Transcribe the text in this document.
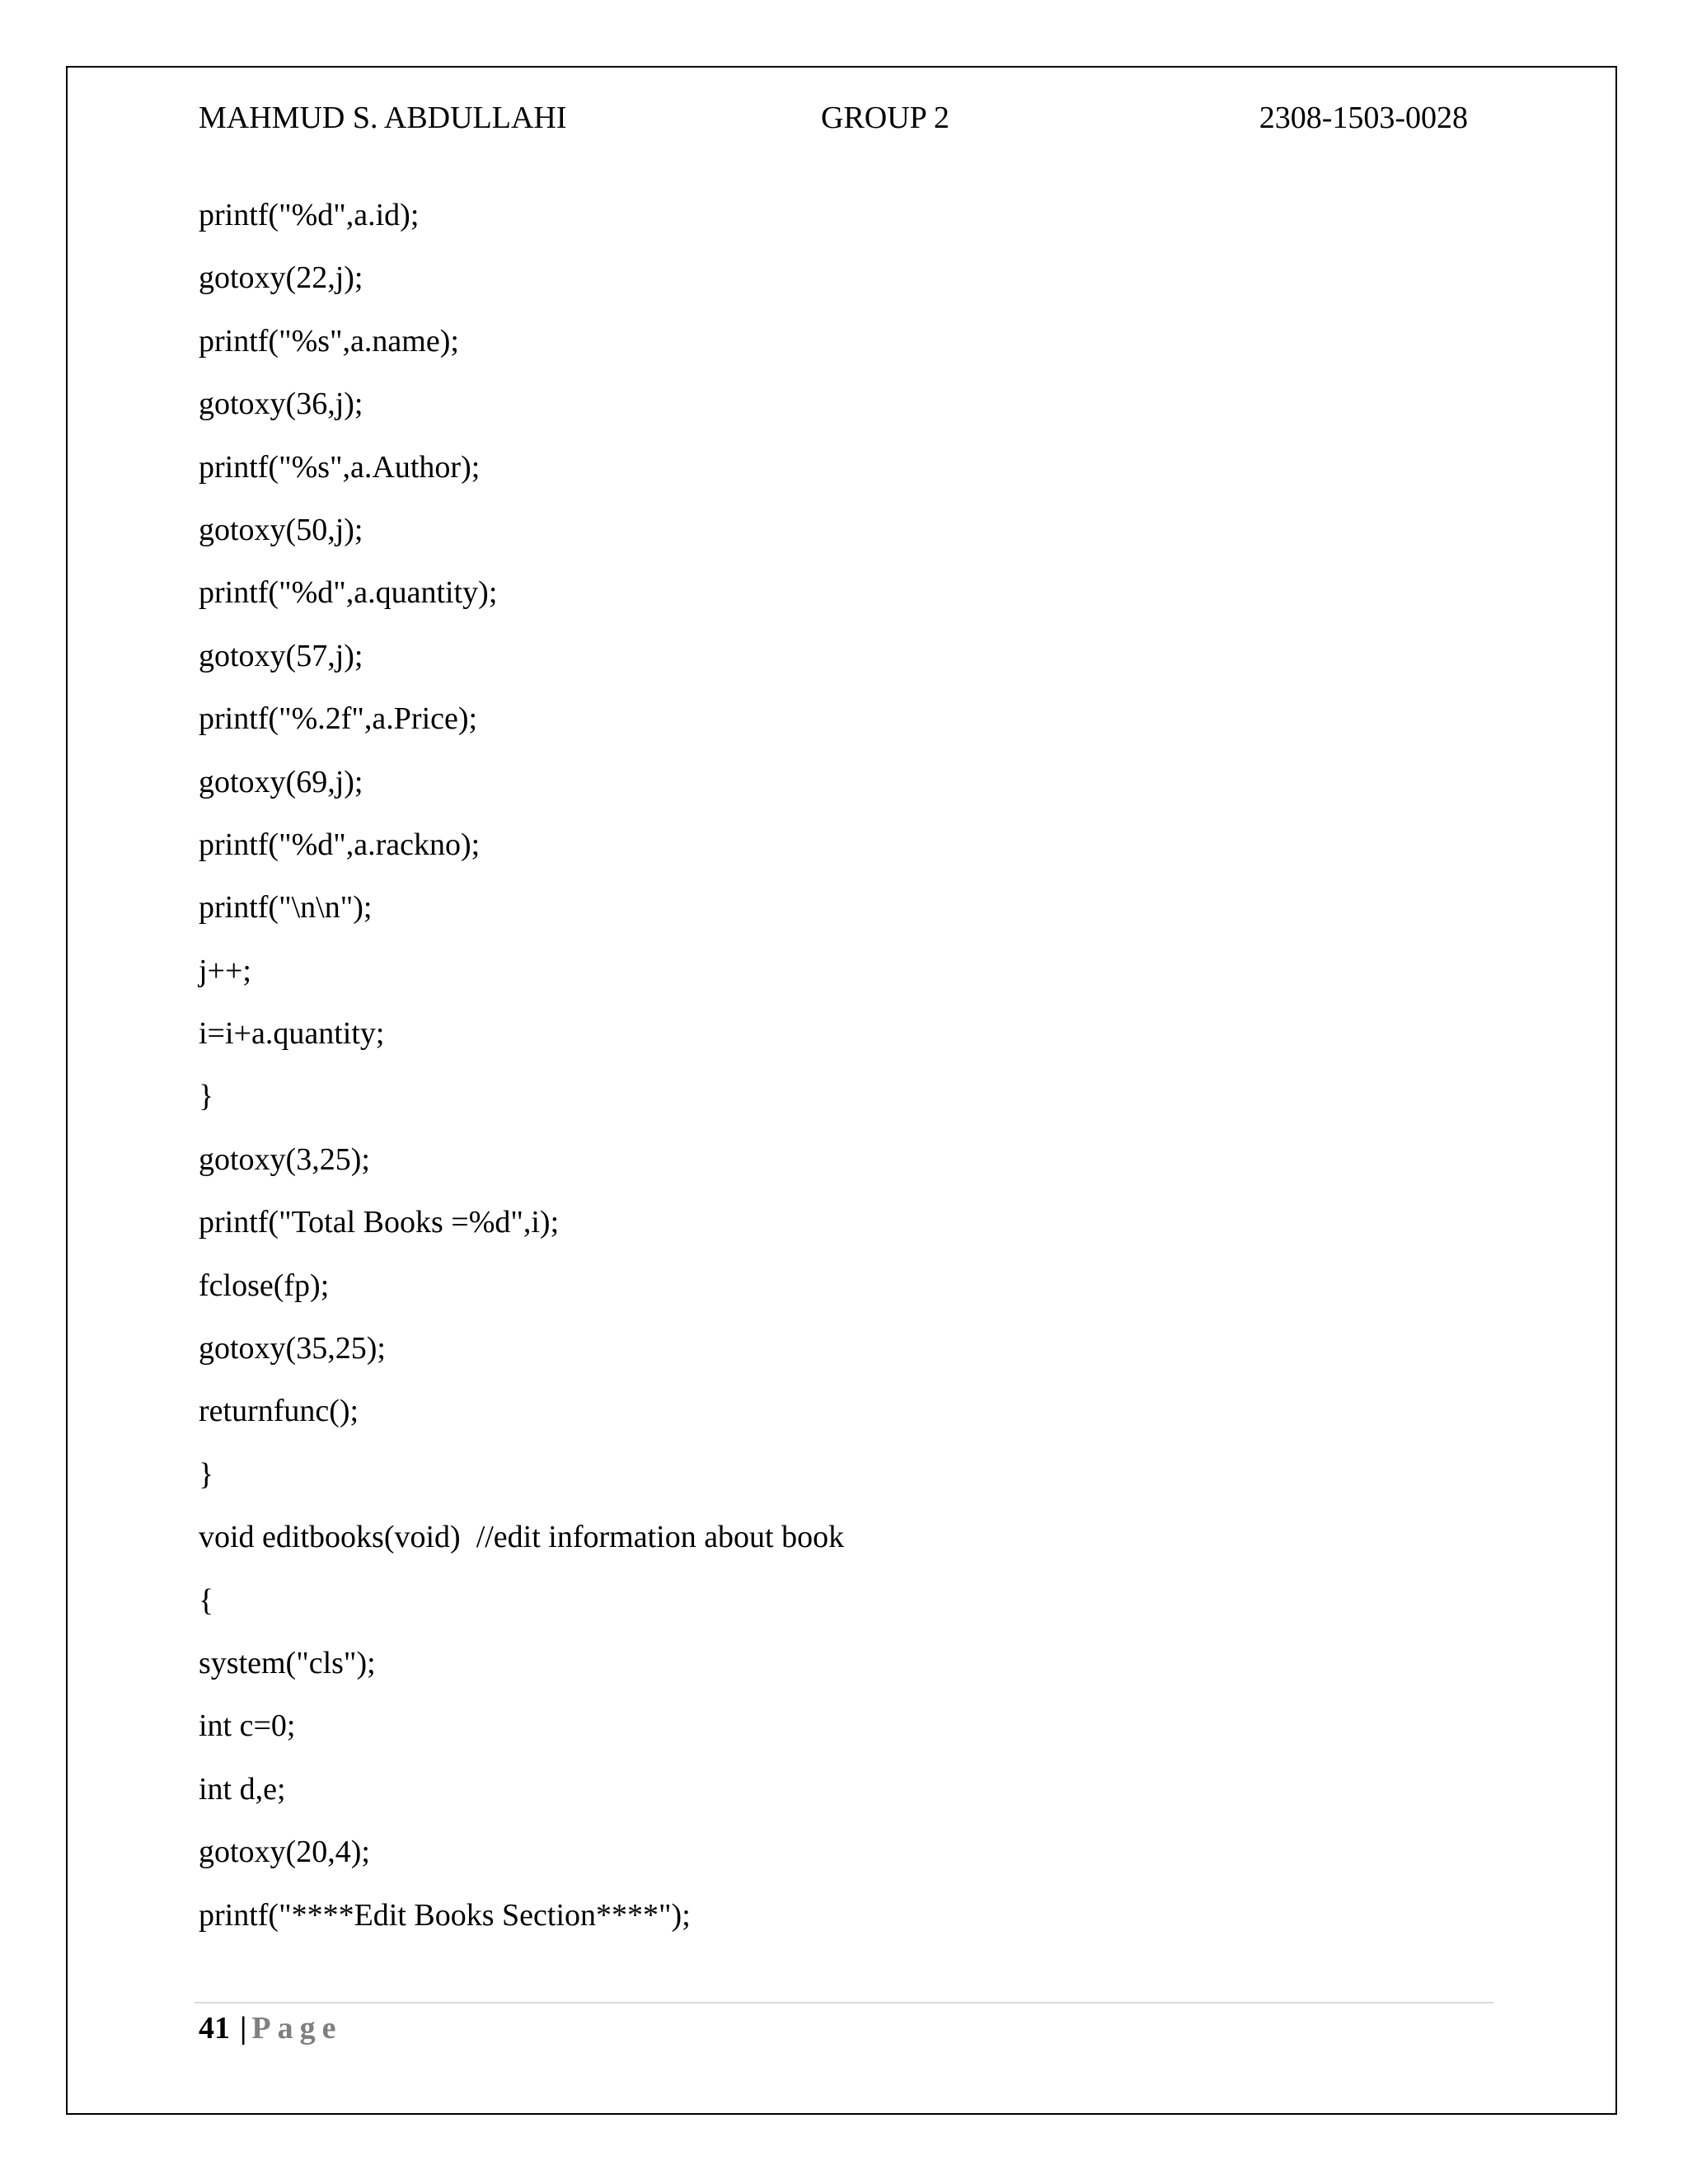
MAHMUD S. ABDULLAHI	GROUP 2	2308-1503-0028
printf("%d",a.id);
gotoxy(22,j);
printf("%s",a.name);
gotoxy(36,j);
printf("%s",a.Author);
gotoxy(50,j);
printf("%d",a.quantity);
gotoxy(57,j);
printf("%.2f",a.Price);
gotoxy(69,j);
printf("%d",a.rackno);
printf("\n\n");
j++;
i=i+a.quantity;
}
gotoxy(3,25);
printf("Total Books =%d",i);
fclose(fp);
gotoxy(35,25);
returnfunc();
}
void editbooks(void)  //edit information about book
{
system("cls");
int c=0;
int d,e;
gotoxy(20,4);
printf("****Edit Books Section****");
41 | Page
